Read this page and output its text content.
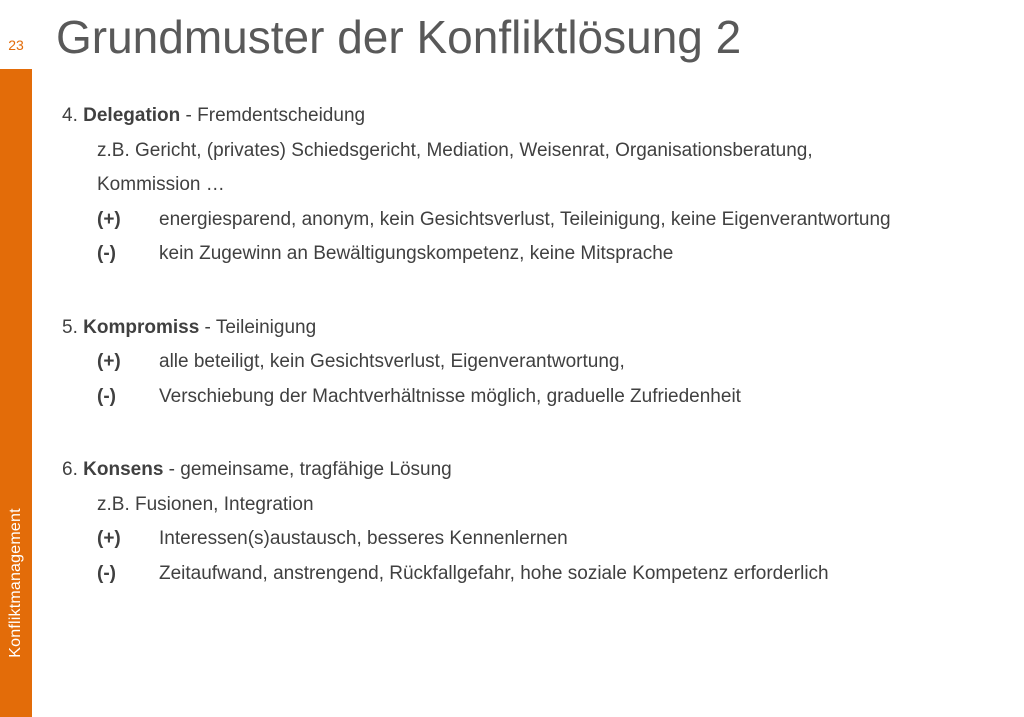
23
Konfliktmanagement
Grundmuster der Konfliktlösung 2
4. Delegation - Fremdentscheidung
z.B. Gericht, (privates) Schiedsgericht, Mediation, Weisenrat, Organisationsberatung,
Kommission …
(+) energiesparend, anonym, kein Gesichtsverlust, Teileinigung, keine Eigenverantwortung
(-) kein Zugewinn an Bewältigungskompetenz, keine Mitsprache
5. Kompromiss - Teileinigung
(+) alle beteiligt, kein Gesichtsverlust, Eigenverantwortung,
(-) Verschiebung der Machtverhältnisse möglich, graduelle Zufriedenheit
6. Konsens - gemeinsame, tragfähige Lösung
z.B. Fusionen, Integration
(+) Interessen(s)austausch, besseres Kennenlernen
(-) Zeitaufwand, anstrengend, Rückfallgefahr, hohe soziale Kompetenz erforderlich
